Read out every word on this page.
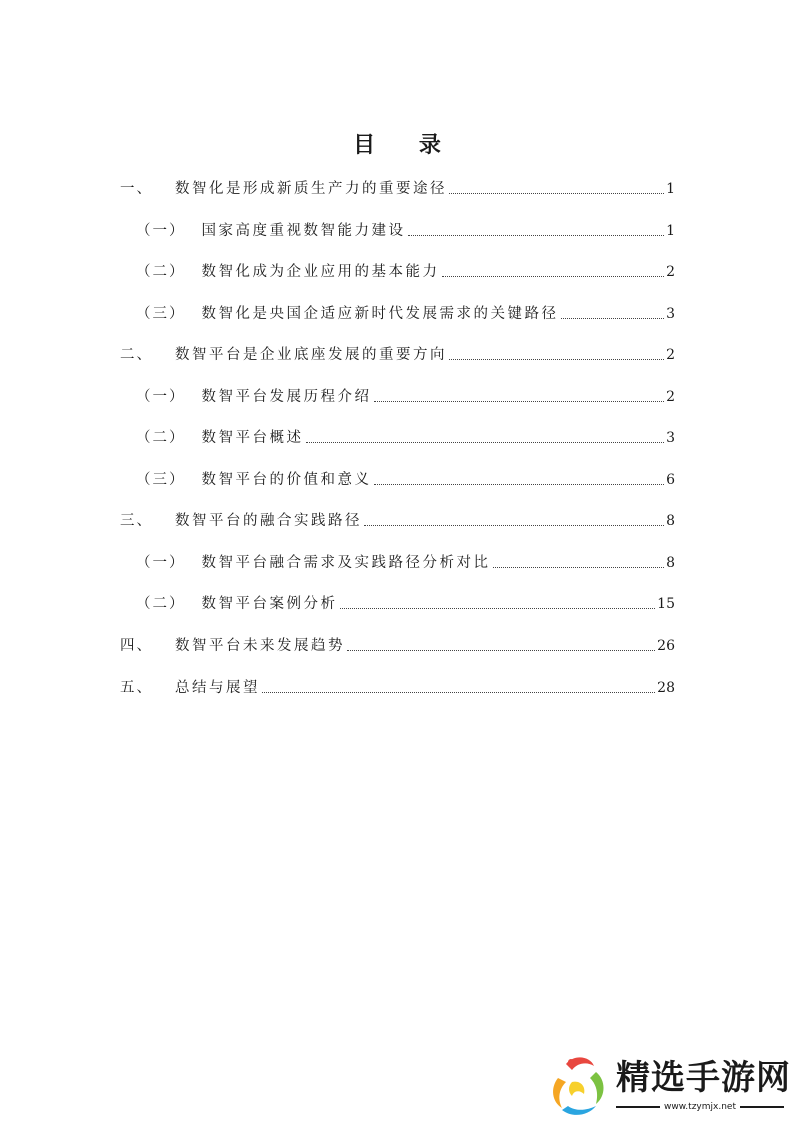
目 录
一、 数智化是形成新质生产力的重要途径	1
（一） 国家高度重视数智能力建设	1
（二） 数智化成为企业应用的基本能力	2
（三） 数智化是央国企适应新时代发展需求的关键路径	3
二、 数智平台是企业底座发展的重要方向	2
（一） 数智平台发展历程介绍	2
（二） 数智平台概述	3
（三） 数智平台的价值和意义	6
三、 数智平台的融合实践路径	8
（一） 数智平台融合需求及实践路径分析对比	8
（二） 数智平台案例分析	15
四、 数智平台未来发展趋势	26
五、 总结与展望	28
精选手游网
www.tzymjx.net
